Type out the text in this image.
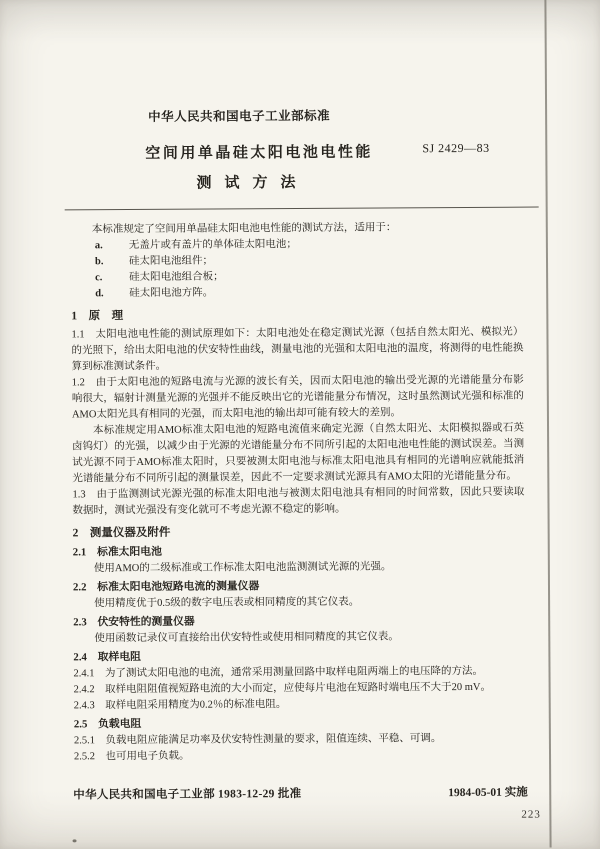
中华人民共和国电子工业部标准
空间用单晶硅太阳电池电性能	SJ 2429—83
测试方法
本标准规定了空间用单晶硅太阳电池电性能的测试方法，适用于：
a. 无盖片或有盖片的单体硅太阳电池；
b. 硅太阳电池组件；
c.	硅太阳电池组合板；
d. 硅太阳电池方阵。
1　原　理
1.1　太阳电池电性能的测试原理如下：太阳电池处在稳定测试光源（包括自然太阳光、模拟光）的光照下，给出太阳电池的伏安特性曲线，测量电池的光强和太阳电池的温度，将测得的电性能换算到标准测试条件。
1.2　由于太阳电池的短路电流与光源的波长有关，因而太阳电池的输出受光源的光谱能量分布影响很大，辐射计测量光源的光强并不能反映出它的光谱能量分布情况，这时虽然测试光强和标准的AMO太阳光具有相同的光强，而太阳电池的输出却可能有较大的差别。
本标准规定用AMO标准太阳电池的短路电流值来确定光源（自然太阳光、太阳模拟器或石英卤钨灯）的光强，以减少由于光源的光谱能量分布不同所引起的太阳电池电性能的测试误差。当测试光源不同于AMO标准太阳时，只要被测太阳电池与标准太阳电池具有相同的光谱响应就能抵消光谱能量分布不同所引起的测量误差，因此不一定要求测试光源具有AMO太阳的光谱能量分布。
1.3　由于监测测试光源光强的标准太阳电池与被测太阳电池具有相同的时间常数，因此只要读取数据时，测试光强没有变化就可不考虑光源不稳定的影响。
2　测量仪器及附件
2.1　标准太阳电池
使用AMO的二级标准或工作标准太阳电池监测测试光源的光强。
2.2　标准太阳电池短路电流的测量仪器
使用精度优于0.5级的数字电压表或相同精度的其它仪表。
2.3　伏安特性的测量仪器
使用函数记录仪可直接给出伏安特性或使用相同精度的其它仪表。
2.4　取样电阻
2.4.1　为了测试太阳电池的电流，通常采用测量回路中取样电阻两端上的电压降的方法。
2.4.2　取样电阻阻值视短路电流的大小而定，应使每片电池在短路时端电压不大于20 mV。
2.4.3　取样电阻采用精度为0.2％的标准电阻。
2.5　负载电阻
2.5.1　负载电阻应能满足功率及伏安特性测量的要求，阻值连续、平稳、可调。
2.5.2　也可用电子负载。
中华人民共和国电子工业部 1983-12-29 批准	1984-05-01 实施
223
